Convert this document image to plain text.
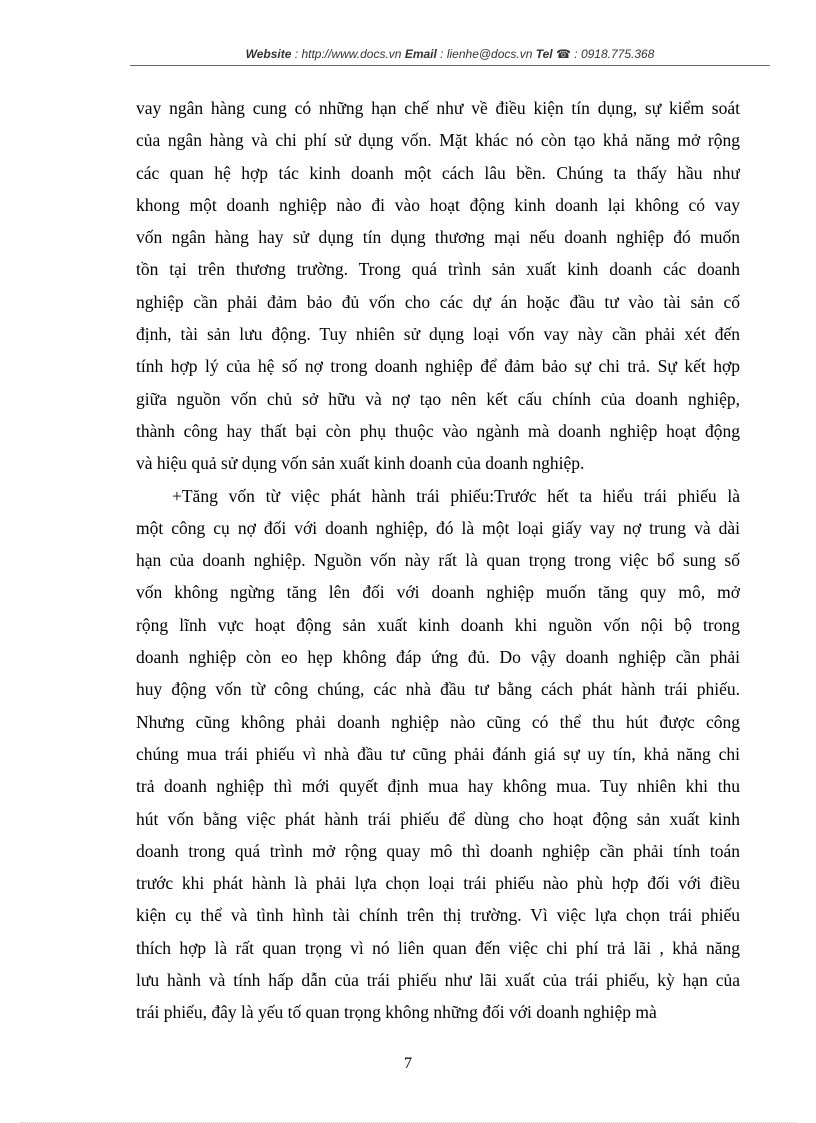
Website : http://www.docs.vn Email : lienhe@docs.vn Tel ☎ : 0918.775.368
vay ngân hàng cung có những hạn chế như về điều kiện tín dụng, sự kiểm soát
của ngân hàng và chi phí sử dụng vốn. Mặt khác nó còn tạo khả năng mở rộng
các quan hệ hợp tác kinh doanh một cách lâu bền. Chúng ta thấy hầu như
khong một doanh nghiệp nào đi vào hoạt động kinh doanh lại không có vay
vốn ngân hàng hay sử dụng tín dụng thương mại nếu doanh nghiệp đó muốn
tồn tại trên thương trường. Trong quá trình sản xuất kinh doanh các doanh
nghiệp cần phải đảm bảo đủ vốn cho các dự án hoặc đầu tư vào tài sản cố
định, tài sản lưu động. Tuy nhiên sử dụng loại vốn vay này cần phải xét đến
tính hợp lý của hệ số nợ trong doanh nghiệp để đảm bảo sự chi trả. Sự kết hợp
giữa nguồn vốn chủ sở hữu và nợ tạo nên kết cấu chính của doanh nghiệp,
thành công hay thất bại còn phụ thuộc vào ngành mà doanh nghiệp hoạt động
và hiệu quả sử dụng vốn sản xuất kinh doanh của doanh nghiệp.
+Tăng vốn từ việc phát hành trái phiếu:Trước hết ta hiểu trái phiếu là
một công cụ nợ đối với doanh nghiệp, đó là một loại giấy vay nợ trung và dài
hạn của doanh nghiệp. Nguồn vốn này rất là quan trọng trong việc bổ sung số
vốn không ngừng tăng lên đối với doanh nghiệp muốn tăng quy mô, mở
rộng lĩnh vực hoạt động sản xuất kinh doanh khi nguồn vốn nội bộ trong
doanh nghiệp còn eo hẹp không đáp ứng đủ. Do vậy doanh nghiệp cần phải
huy động vốn từ công chúng, các nhà đầu tư bằng cách phát hành trái phiếu.
Nhưng cũng không phải doanh nghiệp nào cũng có thể thu hút được công
chúng mua trái phiếu vì nhà đầu tư cũng phải đánh giá sự uy tín, khả năng chi
trả doanh nghiệp thì mới quyết định mua hay không mua. Tuy nhiên khi thu
hút vốn bằng việc phát hành trái phiếu để dùng cho hoạt động sản xuất kinh
doanh trong quá trình mở rộng quay mô thì doanh nghiệp cần phải tính toán
trước khi phát hành là phải lựa chọn loại trái phiếu nào phù hợp đối với điều
kiện cụ thể và tình hình tài chính trên thị trường. Vì việc lựa chọn trái phiếu
thích hợp là rất quan trọng vì nó liên quan đến việc chi phí trả lãi , khả năng
lưu hành và tính hấp dẫn của trái phiếu như lãi xuất của trái phiếu, kỳ hạn của
trái phiếu, đây là yếu tố quan trọng không những đối với doanh nghiệp mà
7
